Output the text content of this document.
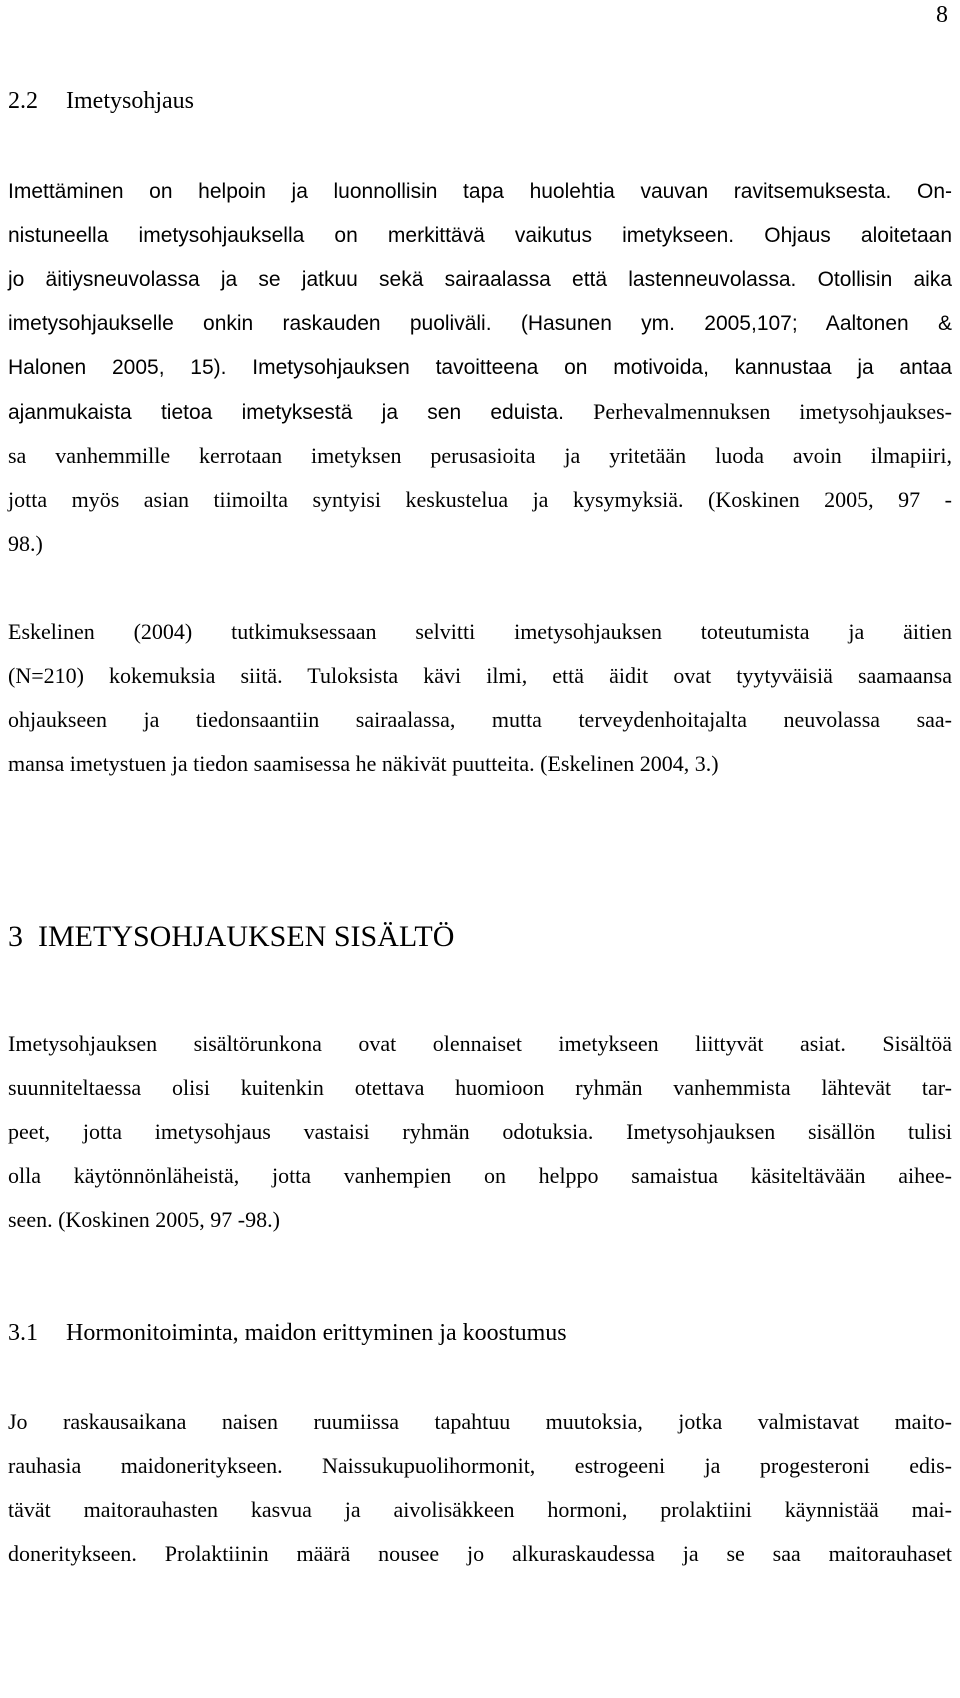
8
2.2 Imetysohjaus
Imettäminen on helpoin ja luonnollisin tapa huolehtia vauvan ravitsemuksesta. On-
nistuneella imetysohjauksella on merkittävä vaikutus imetykseen. Ohjaus aloitetaan
jo äitiysneuvolassa ja se jatkuu sekä sairaalassa että lastenneuvolassa. Otollisin aika
imetysohjaukselle onkin raskauden puoliväli. (Hasunen ym. 2005,107; Aaltonen &
Halonen 2005, 15). Imetysohjauksen tavoitteena on motivoida, kannustaa ja antaa
ajanmukaista tietoa imetyksestä ja sen eduista. Perhevalmennuksen imetysohjaukses-
sa vanhemmille kerrotaan imetyksen perusasioita ja yritetään luoda avoin ilmapiiri,
jotta myös asian tiimoilta syntyisi keskustelua ja kysymyksiä. (Koskinen 2005, 97 -
98.)
Eskelinen (2004) tutkimuksessaan selvitti imetysohjauksen toteutumista ja äitien
(N=210) kokemuksia siitä. Tuloksista kävi ilmi, että äidit ovat tyytyväisiä saamaansa
ohjaukseen ja tiedonsaantiin sairaalassa, mutta terveydenhoitajalta neuvolassa saa-
mansa imetystuen ja tiedon saamisessa he näkivät puutteita. (Eskelinen 2004, 3.)
3 IMETYSOHJAUKSEN SISÄLTÖ
Imetysohjauksen sisältörunkona ovat olennaiset imetykseen liittyvät asiat. Sisältöä
suunniteltaessa olisi kuitenkin otettava huomioon ryhmän vanhemmista lähtevät tar-
peet, jotta imetysohjaus vastaisi ryhmän odotuksia. Imetysohjauksen sisällön tulisi
olla käytönnönläheistä, jotta vanhempien on helppo samaistua käsiteltävään aihee-
seen. (Koskinen 2005, 97 -98.)
3.1 Hormonitoiminta, maidon erittyminen ja koostumus
Jo raskausaikana naisen ruumiissa tapahtuu muutoksia, jotka valmistavat maito-
rauhasia maidoneritykseen. Naissukupuolihormonit, estrogeeni ja progesteroni edis-
tävät maitorauhasten kasvua ja aivolisäkkeen hormoni, prolaktiini käynnistää mai-
doneritykseen. Prolaktiinin määrä nousee jo alkuraskaudessa ja se saa maitorauhaset
